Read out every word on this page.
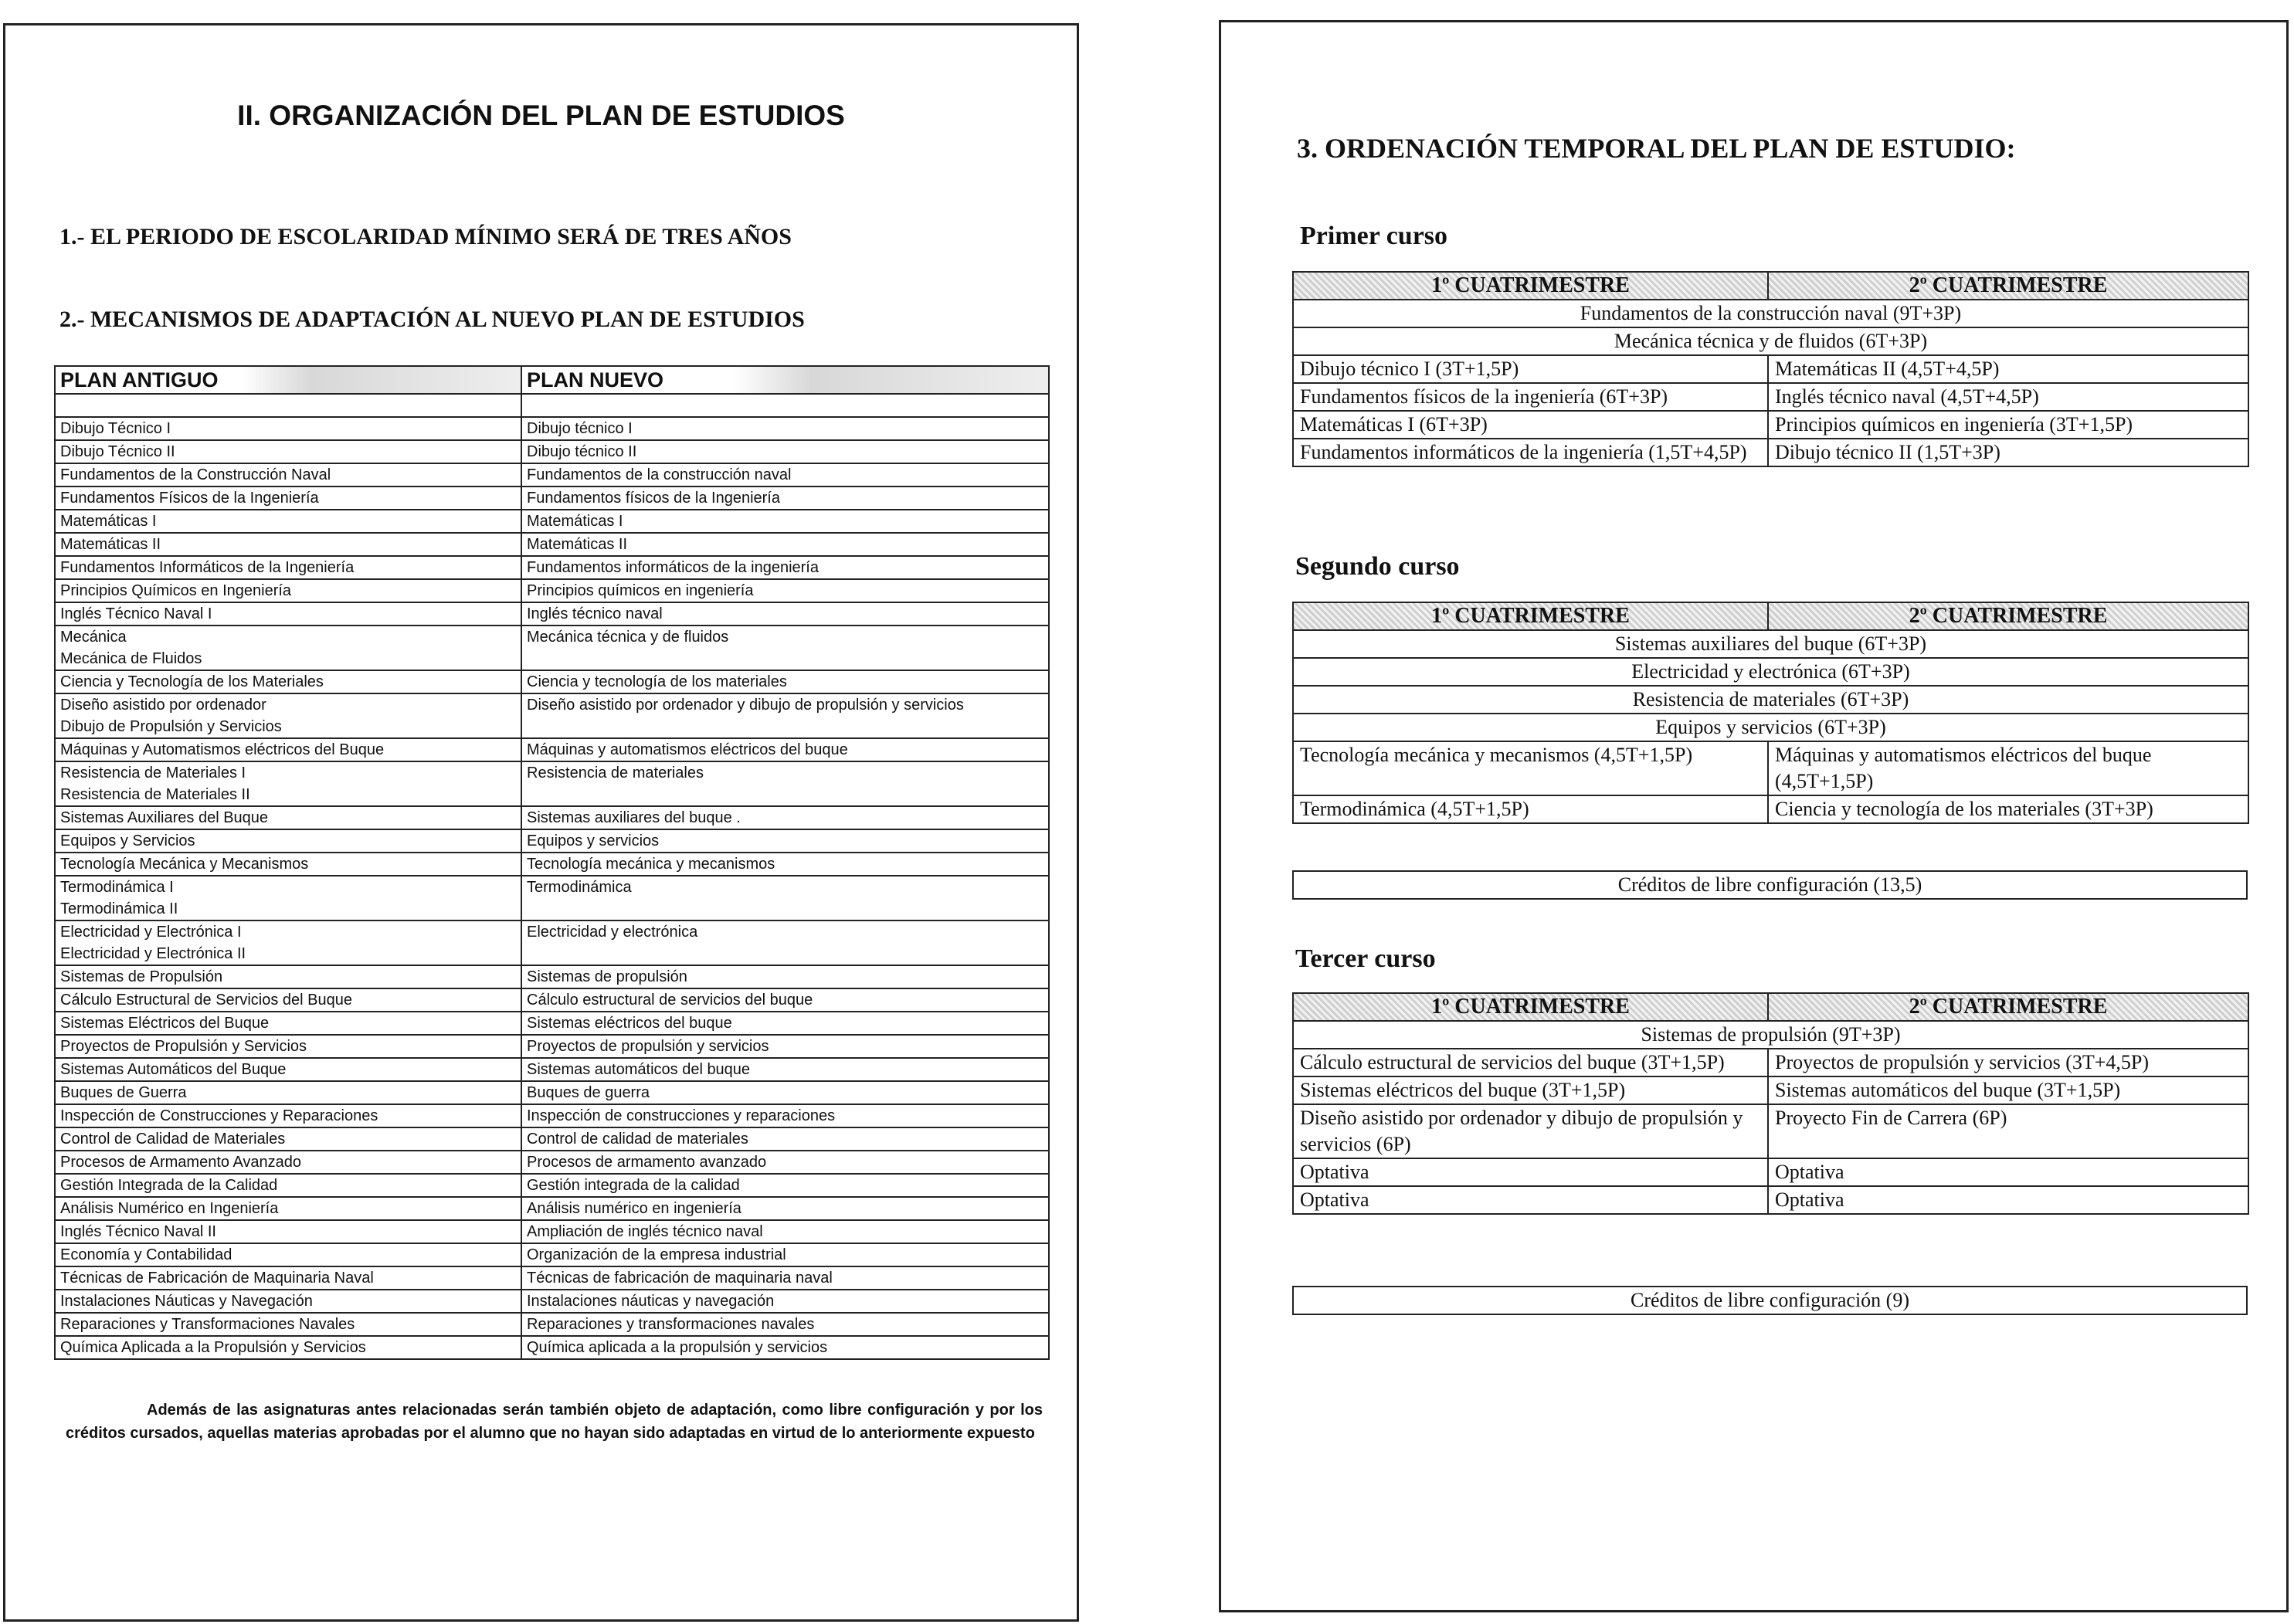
II. ORGANIZACIÓN DEL PLAN DE ESTUDIOS
1.- EL PERIODO DE ESCOLARIDAD MÍNIMO SERÁ DE TRES AÑOS
2.- MECANISMOS DE ADAPTACIÓN AL NUEVO PLAN DE ESTUDIOS
PLAN ANTIGUO	PLAN NUEVO

Dibujo Técnico I	Dibujo técnico I
Dibujo Técnico II	Dibujo técnico II
Fundamentos de la Construcción Naval	Fundamentos de la construcción naval
Fundamentos Físicos de la Ingeniería	Fundamentos físicos de la Ingeniería
Matemáticas I	Matemáticas I
Matemáticas II	Matemáticas II
Fundamentos Informáticos de la Ingeniería	Fundamentos informáticos de la ingeniería
Principios Químicos en Ingeniería	Principios químicos en ingeniería
Inglés Técnico Naval I	Inglés técnico naval
Mecánica
Mecánica de Fluidos	Mecánica técnica y de fluidos
Ciencia y Tecnología de los Materiales	Ciencia y tecnología de los materiales
Diseño asistido por ordenador
Dibujo de Propulsión y Servicios	Diseño asistido por ordenador y dibujo de propulsión y servicios
Máquinas y Automatismos eléctricos del Buque	Máquinas y automatismos eléctricos del buque
Resistencia de Materiales I
Resistencia de Materiales II	Resistencia de materiales
Sistemas Auxiliares del Buque	Sistemas auxiliares del buque .
Equipos y Servicios	Equipos y servicios
Tecnología Mecánica y Mecanismos	Tecnología mecánica y mecanismos
Termodinámica I
Termodinámica II	Termodinámica
Electricidad y Electrónica I
Electricidad y Electrónica II	Electricidad y electrónica
Sistemas de Propulsión	Sistemas de propulsión
Cálculo Estructural de Servicios del Buque	Cálculo estructural de servicios del buque
Sistemas Eléctricos del Buque	Sistemas eléctricos del buque
Proyectos de Propulsión y Servicios	Proyectos de propulsión y servicios
Sistemas Automáticos del Buque	Sistemas automáticos del buque
Buques de Guerra	Buques de guerra
Inspección de Construcciones y Reparaciones	Inspección de construcciones y reparaciones
Control de Calidad de Materiales	Control de calidad de materiales
Procesos de Armamento Avanzado	Procesos de armamento avanzado
Gestión Integrada de la Calidad	Gestión integrada de la calidad
Análisis Numérico en Ingeniería	Análisis numérico en ingeniería
Inglés Técnico Naval II	Ampliación de inglés técnico naval
Economía y Contabilidad	Organización de la empresa industrial
Técnicas de Fabricación de Maquinaria Naval	Técnicas de fabricación de maquinaria naval
Instalaciones Náuticas y Navegación	Instalaciones náuticas y navegación
Reparaciones y Transformaciones Navales	Reparaciones y transformaciones navales
Química Aplicada a la Propulsión y Servicios	Química aplicada a la propulsión y servicios
Además de las asignaturas antes relacionadas serán también objeto de adaptación, como libre configuración y por los créditos cursados, aquellas materias aprobadas por el alumno que no hayan sido adaptadas en virtud de lo anteriormente expuesto
3. ORDENACIÓN TEMPORAL DEL PLAN DE ESTUDIO:
Primer curso
1º CUATRIMESTRE	2º CUATRIMESTRE
Fundamentos de la construcción naval (9T+3P)	
Mecánica técnica y de fluidos (6T+3P)	
Dibujo técnico I (3T+1,5P)	Matemáticas II (4,5T+4,5P)
Fundamentos físicos de la ingeniería (6T+3P)	Inglés técnico naval (4,5T+4,5P)
Matemáticas I (6T+3P)	Principios químicos en ingeniería (3T+1,5P)
Fundamentos informáticos de la ingeniería (1,5T+4,5P)	Dibujo técnico II (1,5T+3P)
Segundo curso
1º CUATRIMESTRE	2º CUATRIMESTRE
Sistemas auxiliares del buque (6T+3P)	
Electricidad y electrónica (6T+3P)	
Resistencia de materiales (6T+3P)	
Equipos y servicios (6T+3P)	
Tecnología mecánica y mecanismos (4,5T+1,5P)	Máquinas y automatismos eléctricos del buque (4,5T+1,5P)
Termodinámica (4,5T+1,5P)	Ciencia y tecnología de los materiales (3T+3P)
Créditos de libre configuración (13,5)
Tercer curso
1º CUATRIMESTRE	2º CUATRIMESTRE
Sistemas de propulsión (9T+3P)	
Cálculo estructural de servicios del buque (3T+1,5P)	Proyectos de propulsión y servicios (3T+4,5P)
Sistemas eléctricos del buque (3T+1,5P)	Sistemas automáticos del buque (3T+1,5P)
Diseño asistido por ordenador y dibujo de propulsión y servicios (6P)	Proyecto Fin de Carrera (6P)
Optativa	Optativa
Optativa	Optativa
Créditos de libre configuración (9)
